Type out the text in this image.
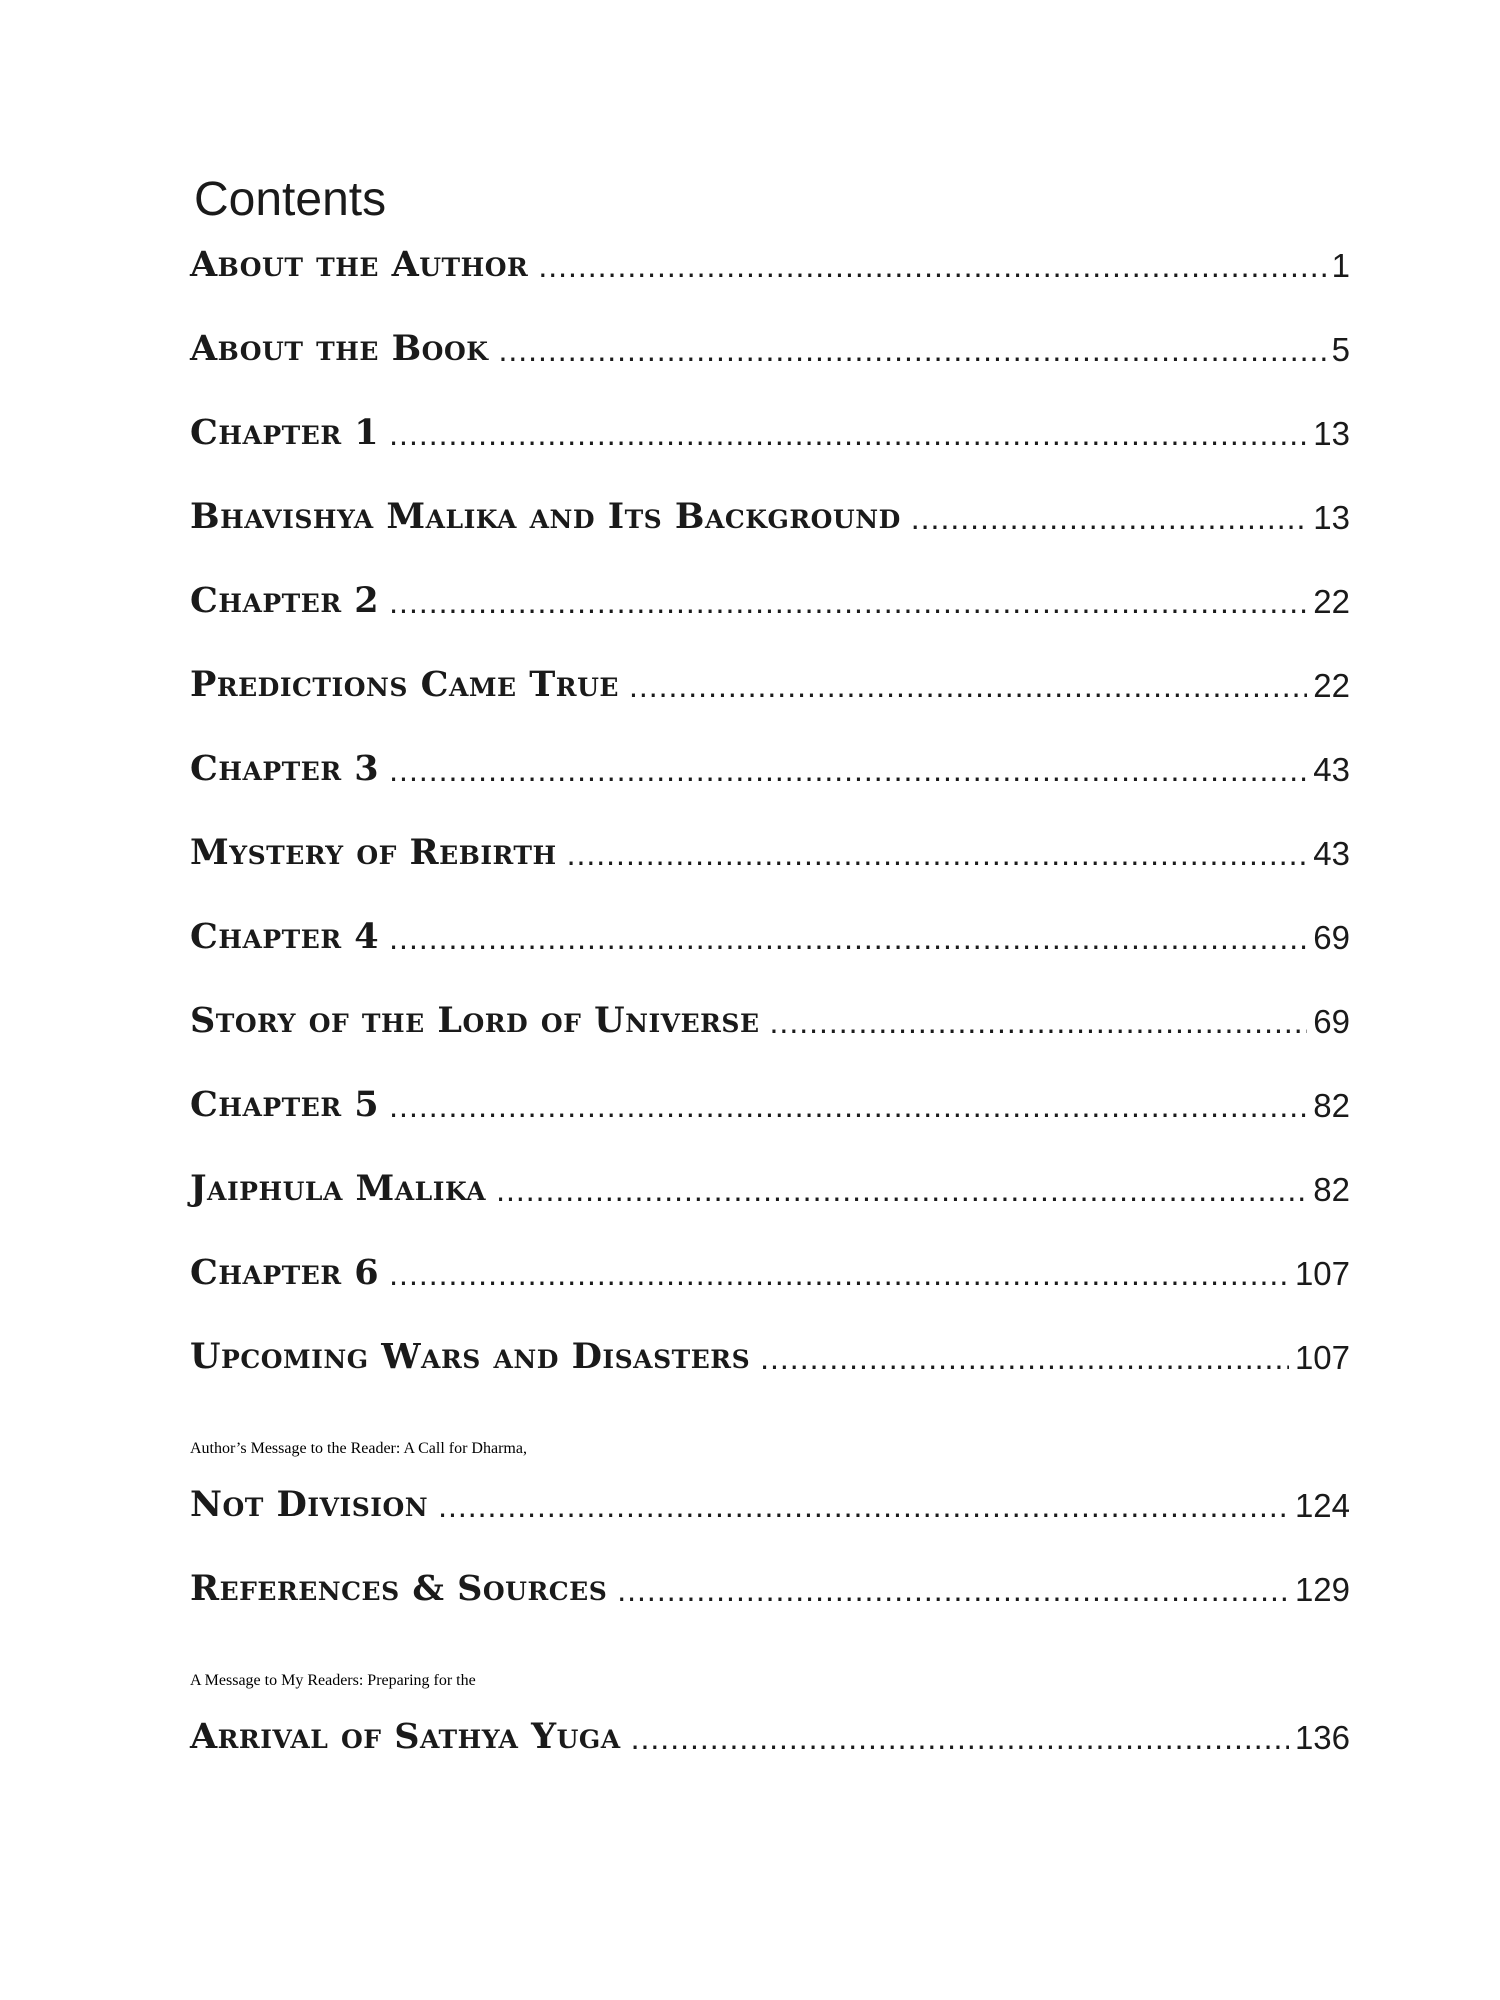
Contents
About the Author .....	1
About the Book .....	5
Chapter 1 .....	13
Bhavishya Malika and Its Background .....	13
Chapter 2 .....	22
Predictions Came True .....	22
Chapter 3 .....	43
Mystery of Rebirth .....	43
Chapter 4 .....	69
Story of the Lord of Universe .....	69
Chapter 5 .....	82
Jaiphula Malika .....	82
Chapter 6 .....	107
Upcoming Wars and Disasters .....	107
Author’s Message to the Reader: A Call for Dharma,
Not Division .....	124
References & Sources .....	129
A Message to My Readers: Preparing for the
Arrival of Sathya Yuga .....	136
